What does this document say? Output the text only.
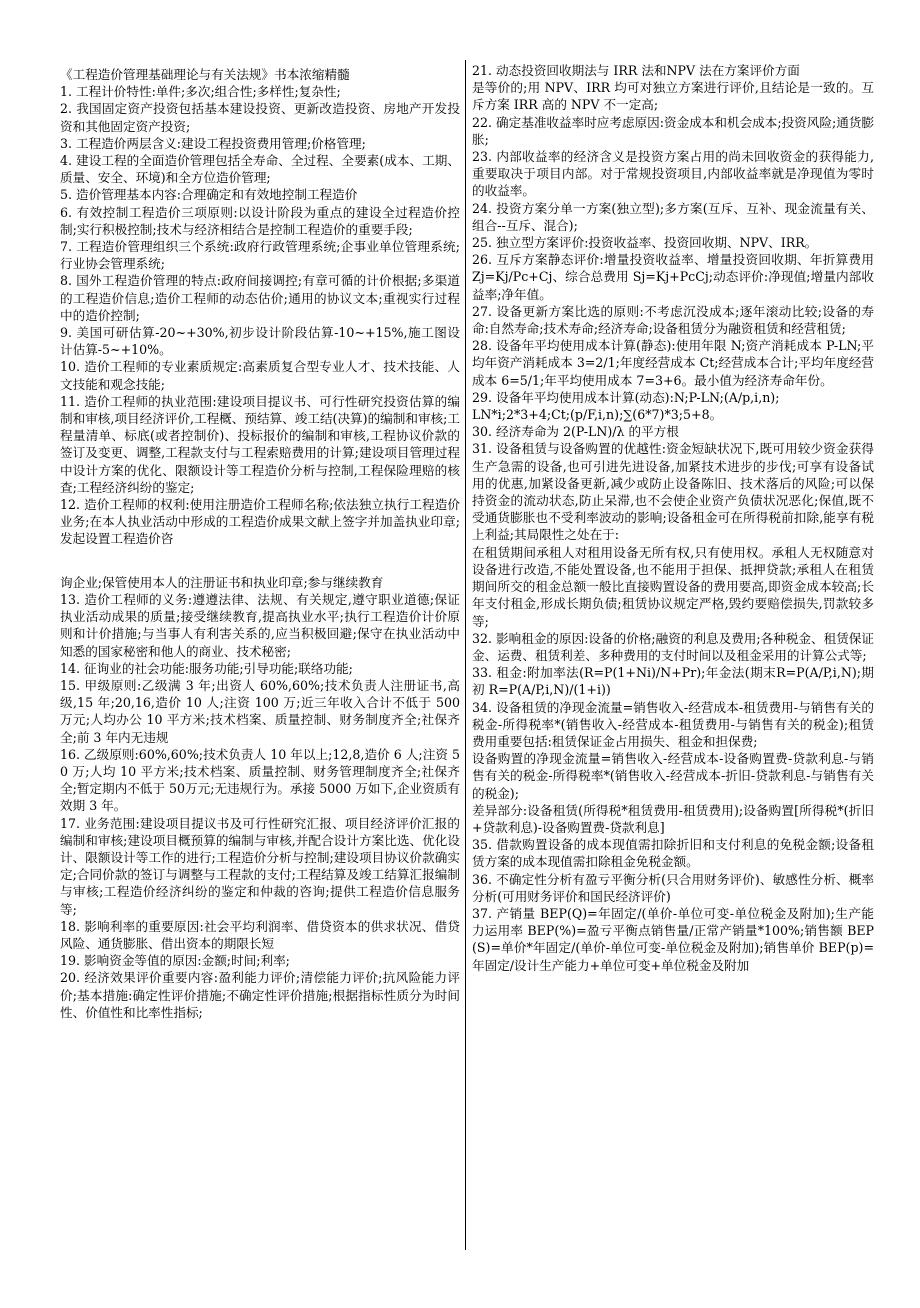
《工程造价管理基础理论与有关法规》书本浓缩精髓

1. 工程计价特性:单件;多次;组合性;多样性;复杂性;

2. 我国固定资产投资包括基本建设投资、更新改造投资、房地产开发投资和其他固定资产投资;

3. 工程造价两层含义:建设工程投资费用管理;价格管理;

4. 建设工程的全面造价管理包括全寿命、全过程、全要素(成本、工期、质量、安全、环境)和全方位造价管理;

5. 造价管理基本内容:合理确定和有效地控制工程造价

6. 有效控制工程造价三项原则:以设计阶段为重点的建设全过程造价控制;实行积极控制;技术与经济相结合是控制工程造价的重要手段;

7. 工程造价管理组织三个系统:政府行政管理系统;企事业单位管理系统;行业协会管理系统;

8. 国外工程造价管理的特点:政府间接调控;有章可循的计价根据;多渠道的工程造价信息;造价工程师的动态估价;通用的协议文本;重视实行过程中的造价控制;

9. 美国可研估算-20~+30%,初步设计阶段估算-10~+15%,施工图设计估算-5~+10%。

10. 造价工程师的专业素质规定:高素质复合型专业人才、技术技能、人文技能和观念技能;

11. 造价工程师的执业范围:建设项目提议书、可行性研究投资估算的编制和审核,项目经济评价,工程概、预结算、竣工结(决算)的编制和审核;工程量清单、标底(或者控制价)、投标报价的编制和审核,工程协议价款的签订及变更、调整,工程款支付与工程索赔费用的计算;建设项目管理过程中设计方案的优化、限额设计等工程造价分析与控制,工程保险理赔的核查;工程经济纠纷的鉴定;

12. 造价工程师的权利:使用注册造价工程师名称;依法独立执行工程造价业务;在本人执业活动中形成的工程造价成果文献上签字并加盖执业印章;发起设置工程造价咨

询企业;保管使用本人的注册证书和执业印章;参与继续教育

13. 造价工程师的义务:遵遵法律、法规、有关规定,遵守职业道德;保证执业活动成果的质量;接受继续教育,提高执业水平;执行工程造价计价原则和计价措施;与当事人有利害关系的,应当积极回避;保守在执业活动中知悉的国家秘密和他人的商业、技术秘密;

14. 征询业的社会功能:服务功能;引导功能;联络功能;

15. 甲级原则:乙级满 3 年;出资人 60%,60%;技术负责人注册证书,高级,15 年;20,16,造价 10 人;注资 100 万;近三年收入合计不低于 500 万元;人均办公 10 平方米;技术档案、质量控制、财务制度齐全;社保齐全;前 3 年内无违规

16. 乙级原则:60%,60%;技术负责人 10 年以上;12,8,造价 6 人;注资 50 万;人均 10 平方米;技术档案、质量控制、财务管理制度齐全;社保齐全;暂定期内不低于 50万元;无违规行为。承接 5000 万如下,企业资质有效期 3 年。

17. 业务范围:建设项目提议书及可行性研究汇报、项目经济评价汇报的编制和审核;建设项目概预算的编制与审核,并配合设计方案比选、优化设计、限额设计等工作的进行;工程造价分析与控制;建设项目协议价款确实定;合同价款的签订与调整与工程款的支付;工程结算及竣工结算汇报编制与审核;工程造价经济纠纷的鉴定和仲裁的咨询;提供工程造价信息服务等;

18. 影响利率的重要原因:社会平均利润率、借贷资本的供求状况、借贷风险、通货膨胀、借出资本的期限长短

19. 影响资金等值的原因:金额;时间;利率;

20. 经济效果评价重要内容:盈利能力评价;清偿能力评价;抗风险能力评价;基本措施:确定性评价措施;不确定性评价措施;根据指标性质分为时间性、价值性和比率性指标;

21. 动态投资回收期法与 IRR 法和NPV 法在方案评价方面

是等价的;用 NPV、IRR 均可对独立方案进行评价,且结论是一致的。互斥方案 IRR 高的 NPV 不一定高;

22. 确定基准收益率时应考虑原因:资金成本和机会成本;投资风险;通货膨胀;

23. 内部收益率的经济含义是投资方案占用的尚未回收资金的获得能力,重要取决于项目内部。对于常规投资项目,内部收益率就是净现值为零时的收益率。

24. 投资方案分单一方案(独立型);多方案(互斥、互补、现金流量有关、组合--互斥、混合);

25. 独立型方案评价:投资收益率、投资回收期、NPV、IRR。

26. 互斥方案静态评价:增量投资收益率、增量投资回收期、年折算费用 Zj=Kj/Pc+Cj、综合总费用 Sj=Kj+PcCj;动态评价:净现值;增量内部收益率;净年值。

27. 设备更新方案比选的原则:不考虑沉没成本;逐年滚动比较;设备的寿命:自然寿命;技术寿命;经济寿命;设备租赁分为融资租赁和经营租赁;

28. 设备年平均使用成本计算(静态):使用年限 N;资产消耗成本 P-LN;平均年资产消耗成本 3=2/1;年度经营成本 Ct;经营成本合计;平均年度经营成本 6=5/1;年平均使用成本 7=3+6。最小值为经济寿命年份。

29. 设备年平均使用成本计算(动态):N;P-LN;(A/p,i,n);

LN*i;2*3+4;Ct;(p/F,i,n);∑(6*7)*3;5+8。

30. 经济寿命为 2(P-LN)/λ 的平方根

31. 设备租赁与设备购置的优越性:资金短缺状况下,既可用较少资金获得生产急需的设备,也可引进先进设备,加紧技术进步的步伐;可享有设备试用的优惠,加紧设备更新,减少或防止设备陈旧、技术落后的风险;可以保持资金的流动状态,防止呆滞,也不会使企业资产负债状况恶化;保值,既不受通货膨胀也不受利率波动的影响;设备租金可在所得税前扣除,能享有税上利益;其局限性之处在于:

在租赁期间承租人对租用设备无所有权,只有使用权。承租人无权随意对设备进行改造,不能处置设备,也不能用于担保、抵押贷款;承租人在租赁期间所交的租金总额一般比直接购置设备的费用要高,即资金成本较高;长年支付租金,形成长期负债;租赁协议规定严格,毁约要赔偿损失,罚款较多等;

32. 影响租金的原因:设备的价格;融资的利息及费用;各种税金、租赁保证金、运费、租赁利差、多种费用的支付时间以及租金采用的计算公式等;

33. 租金:附加率法(R=P(1+Ni)/N+Pr);年金法(期末R=P(A/P,i,N);期初 R=P(A/P,i,N)/(1+i))

34. 设备租赁的净现金流量=销售收入-经营成本-租赁费用-与销售有关的税金-所得税率*(销售收入-经营成本-租赁费用-与销售有关的税金);租赁费用重要包括:租赁保证金占用损失、租金和担保费;

设备购置的净现金流量=销售收入-经营成本-设备购置费-贷款利息-与销售有关的税金-所得税率*(销售收入-经营成本-折旧-贷款利息-与销售有关的税金);

差异部分:设备租赁(所得税*租赁费用-租赁费用);设备购置[所得税*(折旧+贷款利息)-设备购置费-贷款利息]

35. 借款购置设备的成本现值需扣除折旧和支付利息的免税金额;设备租赁方案的成本现值需扣除租金免税金额。

36. 不确定性分析有盈亏平衡分析(只合用财务评价)、敏感性分析、概率分析(可用财务评价和国民经济评价)

37. 产销量 BEP(Q)=年固定/(单价-单位可变-单位税金及附加);生产能力运用率 BEP(%)=盈亏平衡点销售量/正常产销量*100%;销售额 BEP(S)=单价*年固定/(单价-单位可变-单位税金及附加);销售单价 BEP(p)=年固定/设计生产能力+单位可变+单位税金及附加
